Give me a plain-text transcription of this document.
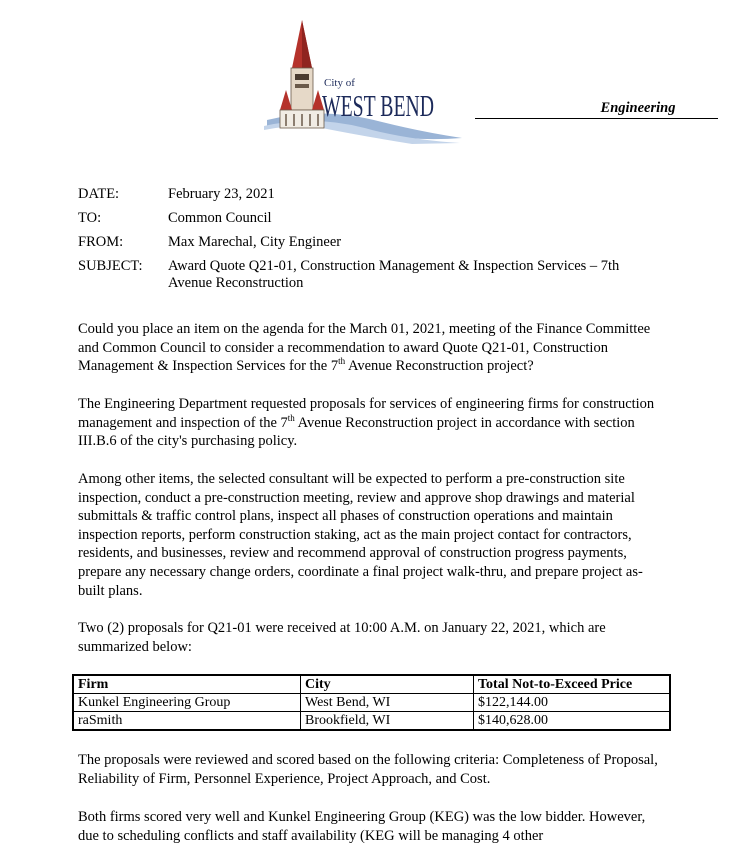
City of
WEST BEND	Engineering
DATE:	February 23, 2021
TO:	Common Council
FROM:	Max Marechal, City Engineer
SUBJECT:	Award Quote Q21-01, Construction Management & Inspection Services – 7th
Avenue Reconstruction

Could you place an item on the agenda for the March 01, 2021, meeting of the Finance Committee and Common Council to consider a recommendation to award Quote Q21-01, Construction Management & Inspection Services for the 7th Avenue Reconstruction project?

The Engineering Department requested proposals for services of engineering firms for construction management and inspection of the 7th Avenue Reconstruction project in accordance with section III.B.6 of the city's purchasing policy.

Among other items, the selected consultant will be expected to perform a pre-construction site inspection, conduct a pre-construction meeting, review and approve shop drawings and material submittals & traffic control plans, inspect all phases of construction operations and maintain inspection reports, perform construction staking, act as the main project contact for contractors, residents, and businesses, review and recommend approval of construction progress payments, prepare any necessary change orders, coordinate a final project walk-thru, and prepare project as-built plans.

Two (2) proposals for Q21-01 were received at 10:00 A.M. on January 22, 2021, which are summarized below:

Firm	City	Total Not-to-Exceed Price
Kunkel Engineering Group	West Bend, WI	$122,144.00
raSmith	Brookfield, WI	$140,628.00

The proposals were reviewed and scored based on the following criteria: Completeness of Proposal, Reliability of Firm, Personnel Experience, Project Approach, and Cost.

Both firms scored very well and Kunkel Engineering Group (KEG) was the low bidder. However, due to scheduling conflicts and staff availability (KEG will be managing 4 other
